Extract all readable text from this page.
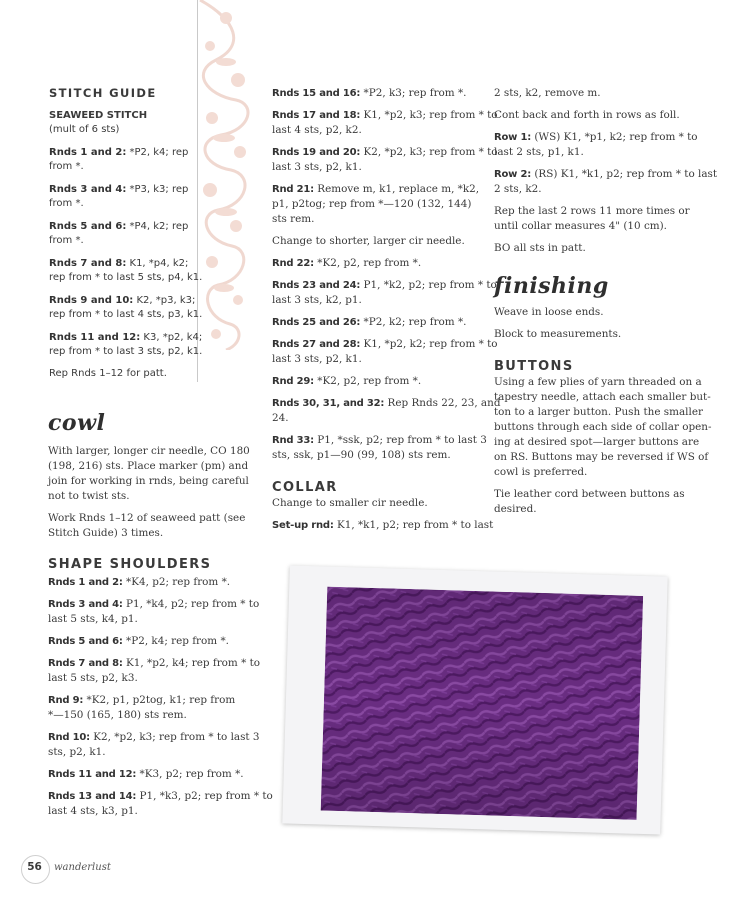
STITCH GUIDE
SEAWEED STITCH
(mult of 6 sts)
Rnds 1 and 2: *P2, k4; rep
from *.
Rnds 3 and 4: *P3, k3; rep
from *.
Rnds 5 and 6: *P4, k2; rep
from *.
Rnds 7 and 8: K1, *p4, k2;
rep from * to last 5 sts, p4, k1.
Rnds 9 and 10: K2, *p3, k3;
rep from * to last 4 sts, p3, k1.
Rnds 11 and 12: K3, *p2, k4;
rep from * to last 3 sts, p2, k1.
Rep Rnds 1–12 for patt.
cowl
With larger, longer cir needle, CO 180
(198, 216) sts. Place marker (pm) and
join for working in rnds, being careful
not to twist sts.
Work Rnds 1–12 of seaweed patt (see
Stitch Guide) 3 times.
SHAPE SHOULDERS
Rnds 1 and 2: *K4, p2; rep from *.
Rnds 3 and 4: P1, *k4, p2; rep from * to
last 5 sts, k4, p1.
Rnds 5 and 6: *P2, k4; rep from *.
Rnds 7 and 8: K1, *p2, k4; rep from * to
last 5 sts, p2, k3.
Rnd 9: *K2, p1, p2tog, k1; rep from
*—150 (165, 180) sts rem.
Rnd 10: K2, *p2, k3; rep from * to last 3
sts, p2, k1.
Rnds 11 and 12: *K3, p2; rep from *.
Rnds 13 and 14: P1, *k3, p2; rep from * to
last 4 sts, k3, p1.
Rnds 15 and 16: *P2, k3; rep from *.
Rnds 17 and 18: K1, *p2, k3; rep from * to
last 4 sts, p2, k2.
Rnds 19 and 20: K2, *p2, k3; rep from * to
last 3 sts, p2, k1.
Rnd 21: Remove m, k1, replace m, *k2,
p1, p2tog; rep from *—120 (132, 144)
sts rem.
Change to shorter, larger cir needle.
Rnd 22: *K2, p2, rep from *.
Rnds 23 and 24: P1, *k2, p2; rep from * to
last 3 sts, k2, p1.
Rnds 25 and 26: *P2, k2; rep from *.
Rnds 27 and 28: K1, *p2, k2; rep from * to
last 3 sts, p2, k1.
Rnd 29: *K2, p2, rep from *.
Rnds 30, 31, and 32: Rep Rnds 22, 23, and
24.
Rnd 33: P1, *ssk, p2; rep from * to last 3
sts, ssk, p1—90 (99, 108) sts rem.
COLLAR
Change to smaller cir needle.
Set-up rnd: K1, *k1, p2; rep from * to last
2 sts, k2, remove m.
Cont back and forth in rows as foll.
Row 1: (WS) K1, *p1, k2; rep from * to
last 2 sts, p1, k1.
Row 2: (RS) K1, *k1, p2; rep from * to last
2 sts, k2.
Rep the last 2 rows 11 more times or
until collar measures 4" (10 cm).
BO all sts in patt.
finishing
Weave in loose ends.
Block to measurements.
BUTTONS
Using a few plies of yarn threaded on a
tapestry needle, attach each smaller but-
ton to a larger button. Push the smaller
buttons through each side of collar open-
ing at desired spot—larger buttons are
on RS. Buttons may be reversed if WS of
cowl is preferred.
Tie leather cord between buttons as
desired.
56	wanderlust
